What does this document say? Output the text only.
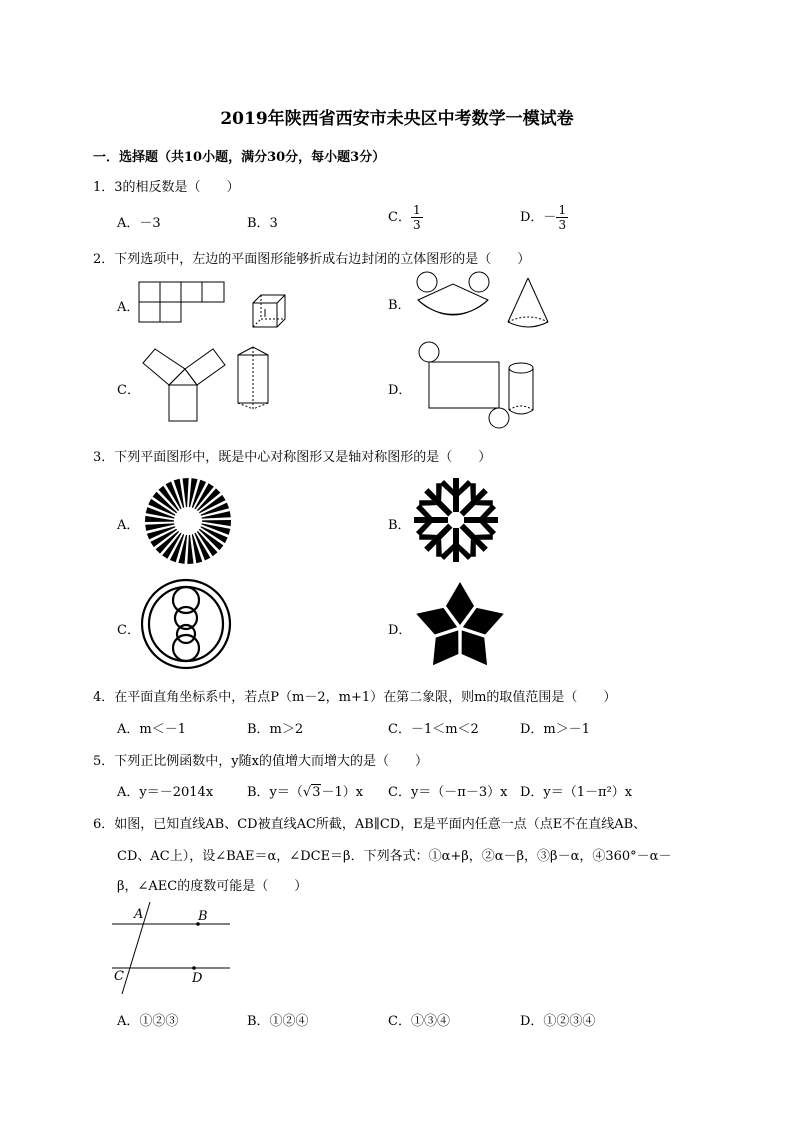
2019年陕西省西安市未央区中考数学一模试卷
一．选择题（共10小题，满分30分，每小题3分）
1．3的相反数是（　　）
A．－3	B．3	C． $\frac{1}{3}$	D．－ $\frac{1}{3}$
2．下列选项中，左边的平面图形能够折成右边封闭的立体图形的是（　　）
A．	B．
C．	D．
3．下列平面图形中，既是中心对称图形又是轴对称图形的是（　　）
A．	B．
C．	D．
4．在平面直角坐标系中，若点P（m－2，m+1）在第二象限，则m的取值范围是（　　）
A．m＜－1	B．m＞2	C．－1＜m＜2	D．m＞－1
5．下列正比例函数中，y随x的值增大而增大的是（　　）
A．y＝－2014x	B．y＝（√3－1）x C．y＝（－π－3）x D．y＝（1－π²）x
6．如图，已知直线AB、CD被直线AC所截，AB∥CD，E是平面内任意一点（点E不在直线AB、
CD、AC上），设∠BAE＝α，∠DCE＝β．下列各式：①α+β，②α－β，③β－α，④360°－α－
β，∠AEC的度数可能是（　　）
A	B
C	D
A．①②③	B．①②④	C．①③④	D．①②③④
